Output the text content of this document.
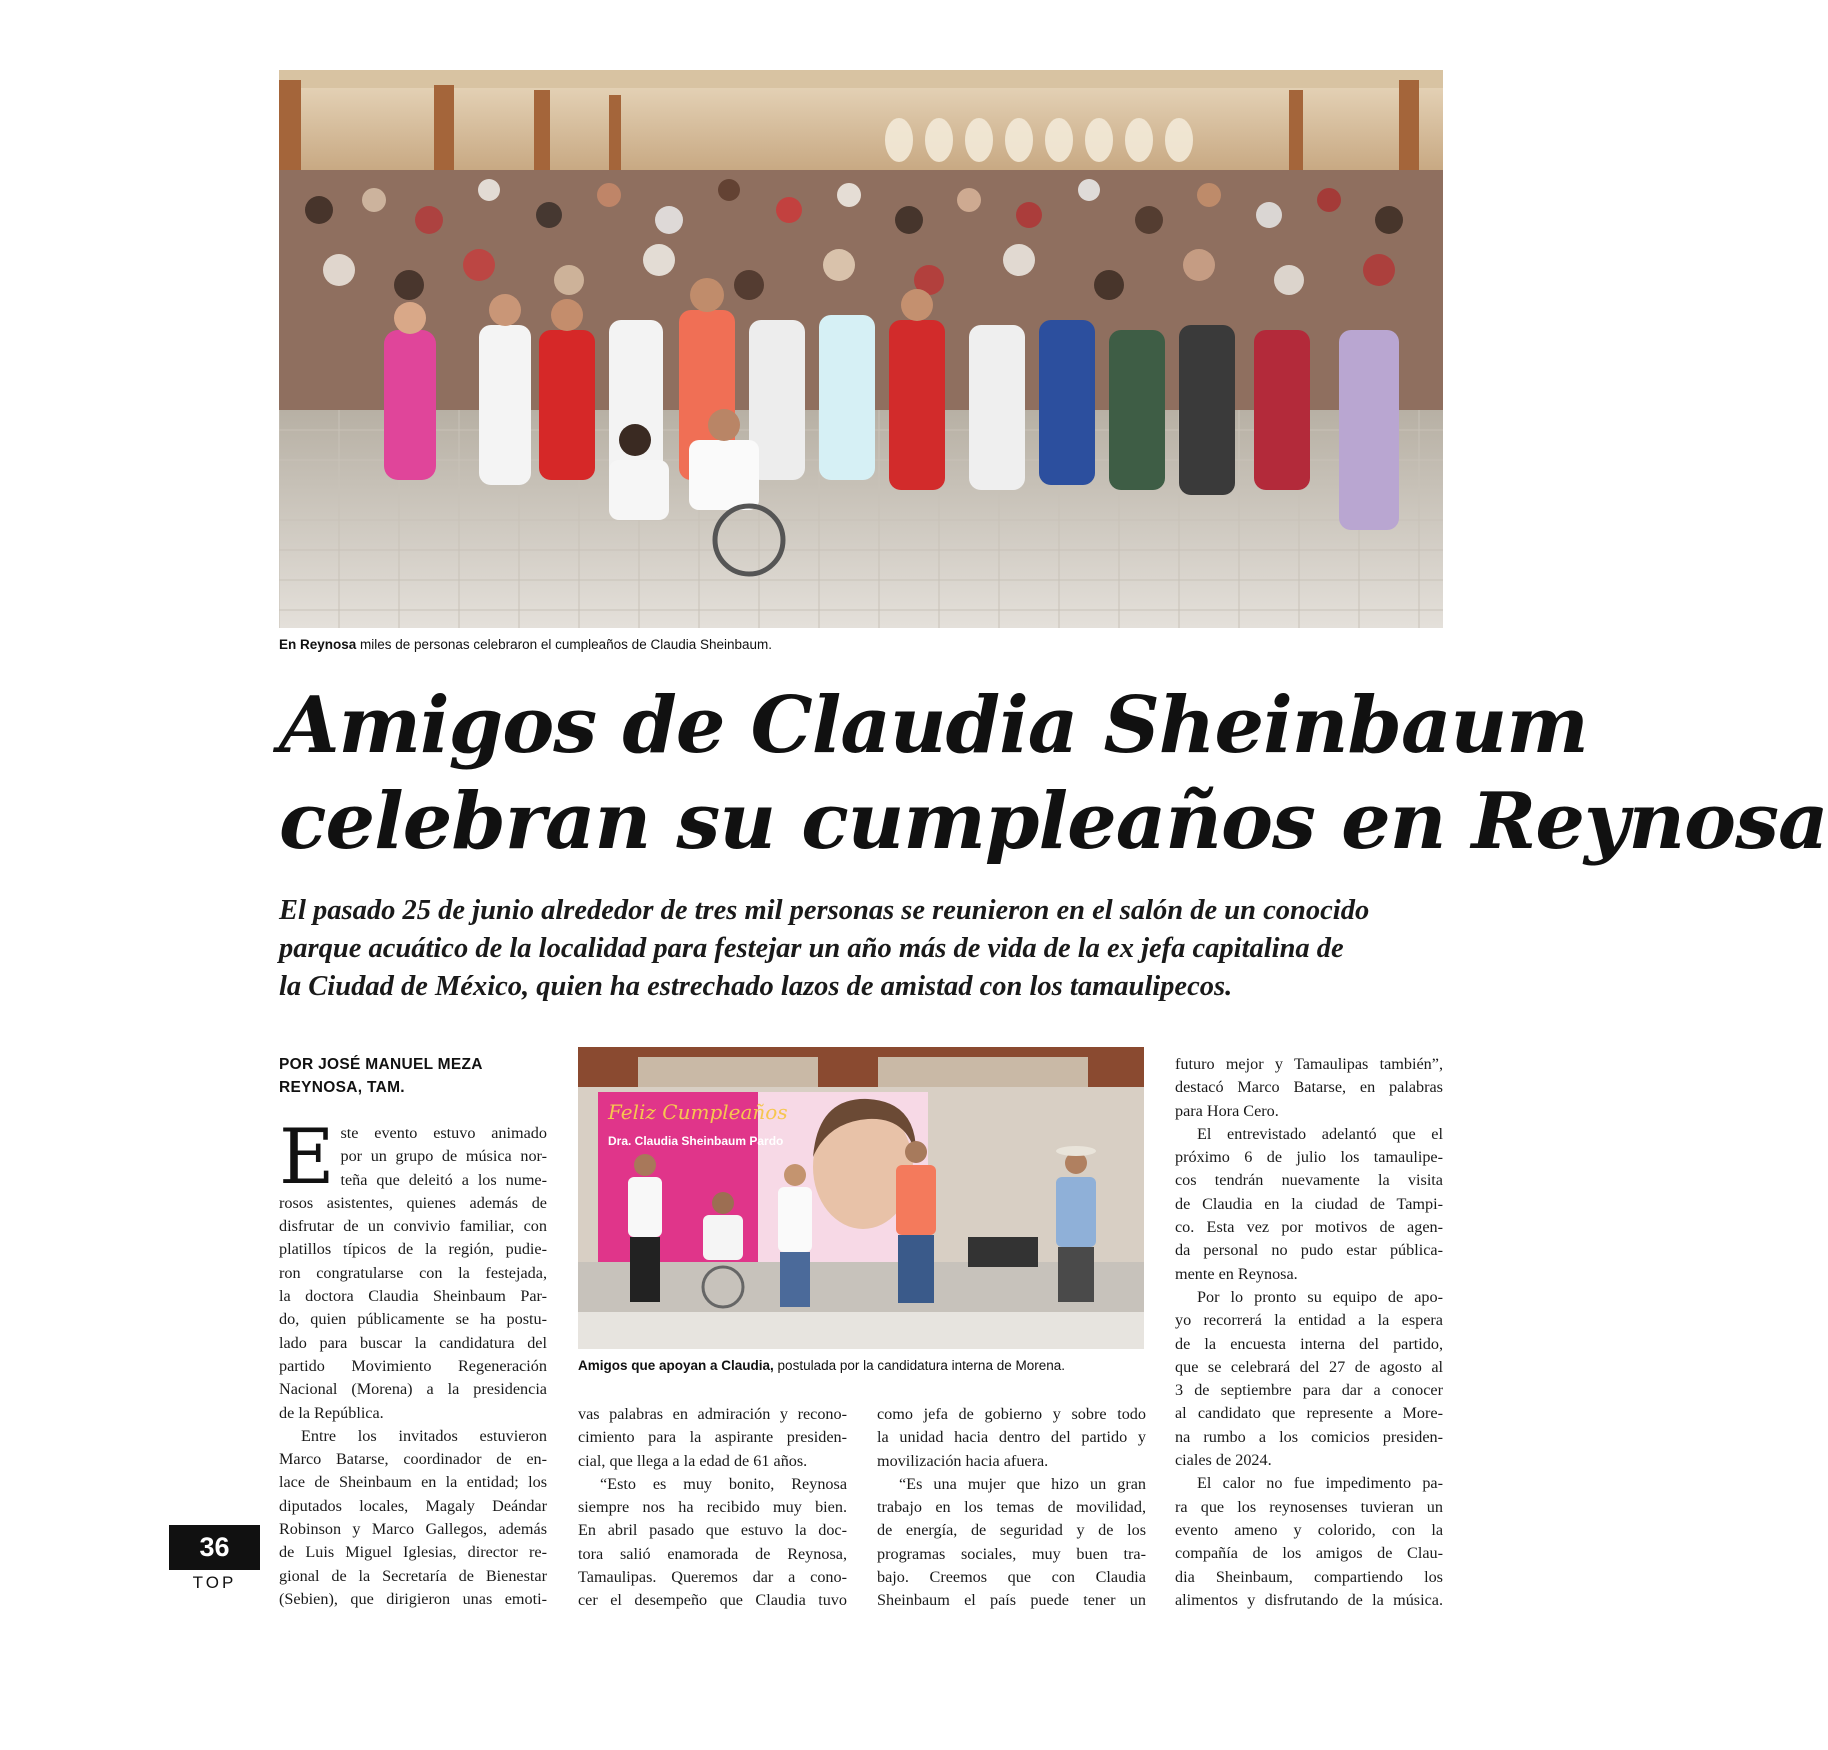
En Reynosa miles de personas celebraron el cumpleaños de Claudia Sheinbaum.
Amigos de Claudia Sheinbaum
celebran su cumpleaños en Reynosa
El pasado 25 de junio alrededor de tres mil personas se reunieron en el salón de un conocido
parque acuático de la localidad para festejar un año más de vida de la ex jefa capitalina de
la Ciudad de México, quien ha estrechado lazos de amistad con los tamaulipecos.
POR JOSÉ MANUEL MEZA
REYNOSA, TAM.

E ste evento estuvo animado
por un grupo de música nor-
teña que deleitó a los nume-
rosos asistentes, quienes además de
disfrutar de un convivio familiar, con
platillos típicos de la región, pudie-
ron congratularse con la festejada,
la doctora Claudia Sheinbaum Par-
do, quien públicamente se ha postu-
lado para buscar la candidatura del
partido Movimiento Regeneración
Nacional (Morena) a la presidencia
de la República.

Entre los invitados estuvieron
Marco Batarse, coordinador de en-
lace de Sheinbaum en la entidad; los
diputados locales, Magaly Deándar
Robinson y Marco Gallegos, además
de Luis Miguel Iglesias, director re-
gional de la Secretaría de Bienestar
(Sebien), que dirigieron unas emoti-

Feliz Cumpleaños
Dra. Claudia Sheinbaum Pardo
Amigos que apoyan a Claudia, postulada por la candidatura interna de Morena.

vas palabras en admiración y recono-
cimiento para la aspirante presiden-
cial, que llega a la edad de 61 años.

“Esto es muy bonito, Reynosa
siempre nos ha recibido muy bien.
En abril pasado que estuvo la doc-
tora salió enamorada de Reynosa,
Tamaulipas. Queremos dar a cono-
cer el desempeño que Claudia tuvo

como jefa de gobierno y sobre todo
la unidad hacia dentro del partido y
movilización hacia afuera.

“Es una mujer que hizo un gran
trabajo en los temas de movilidad,
de energía, de seguridad y de los
programas sociales, muy buen tra-
bajo. Creemos que con Claudia
Sheinbaum el país puede tener un

futuro mejor y Tamaulipas también”,
destacó Marco Batarse, en palabras
para Hora Cero.

El entrevistado adelantó que el
próximo 6 de julio los tamaulipe-
cos tendrán nuevamente la visita
de Claudia en la ciudad de Tampi-
co. Esta vez por motivos de agen-
da personal no pudo estar pública-
mente en Reynosa.

Por lo pronto su equipo de apo-
yo recorrerá la entidad a la espera
de la encuesta interna del partido,
que se celebrará del 27 de agosto al
3 de septiembre para dar a conocer
al candidato que represente a More-
na rumbo a los comicios presiden-
ciales de 2024.

El calor no fue impedimento pa-
ra que los reynosenses tuvieran un
evento ameno y colorido, con la
compañía de los amigos de Clau-
dia Sheinbaum, compartiendo los
alimentos y disfrutando de la música.

36
TOP
